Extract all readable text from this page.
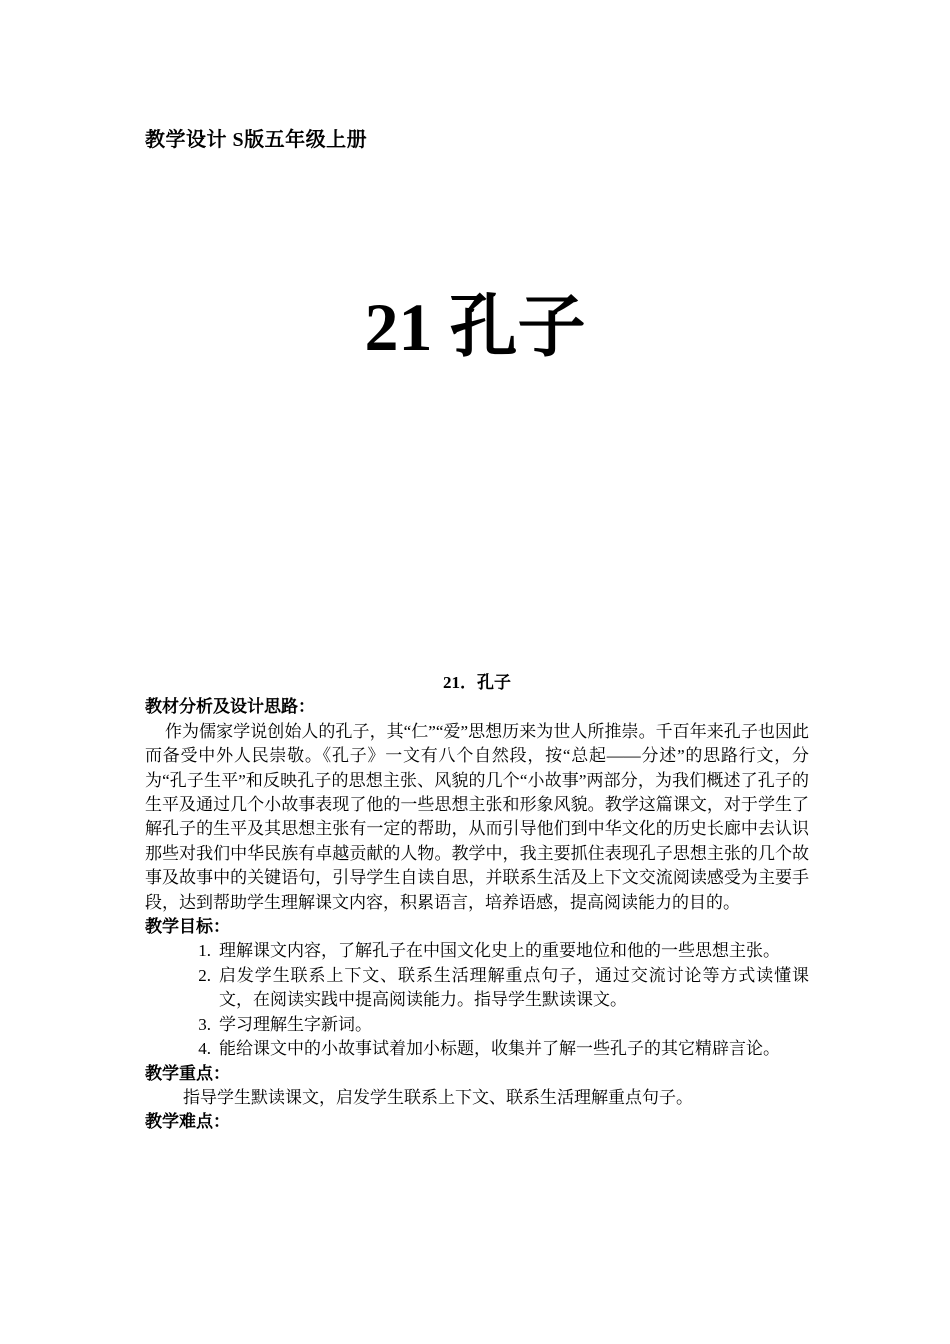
教学设计 S版五年级上册
21 孔子

21．孔子

教材分析及设计思路：

作为儒家学说创始人的孔子，其“仁”“爱”思想历来为世人所推崇。千百年来孔子也因此而备受中外人民崇敬。《孔子》一文有八个自然段，按“总起——分述”的思路行文，分为“孔子生平”和反映孔子的思想主张、风貌的几个“小故事”两部分，为我们概述了孔子的生平及通过几个小故事表现了他的一些思想主张和形象风貌。教学这篇课文，对于学生了解孔子的生平及其思想主张有一定的帮助，从而引导他们到中华文化的历史长廊中去认识那些对我们中华民族有卓越贡献的人物。教学中，我主要抓住表现孔子思想主张的几个故事及故事中的关键语句，引导学生自读自思，并联系生活及上下文交流阅读感受为主要手段，达到帮助学生理解课文内容，积累语言，培养语感，提高阅读能力的目的。

教学目标：

1. 理解课文内容，了解孔子在中国文化史上的重要地位和他的一些思想主张。
2. 启发学生联系上下文、联系生活理解重点句子，通过交流讨论等方式读懂课文，在阅读实践中提高阅读能力。指导学生默读课文。
3. 学习理解生字新词。
4. 能给课文中的小故事试着加小标题，收集并了解一些孔子的其它精辟言论。

教学重点：

指导学生默读课文，启发学生联系上下文、联系生活理解重点句子。

教学难点：
